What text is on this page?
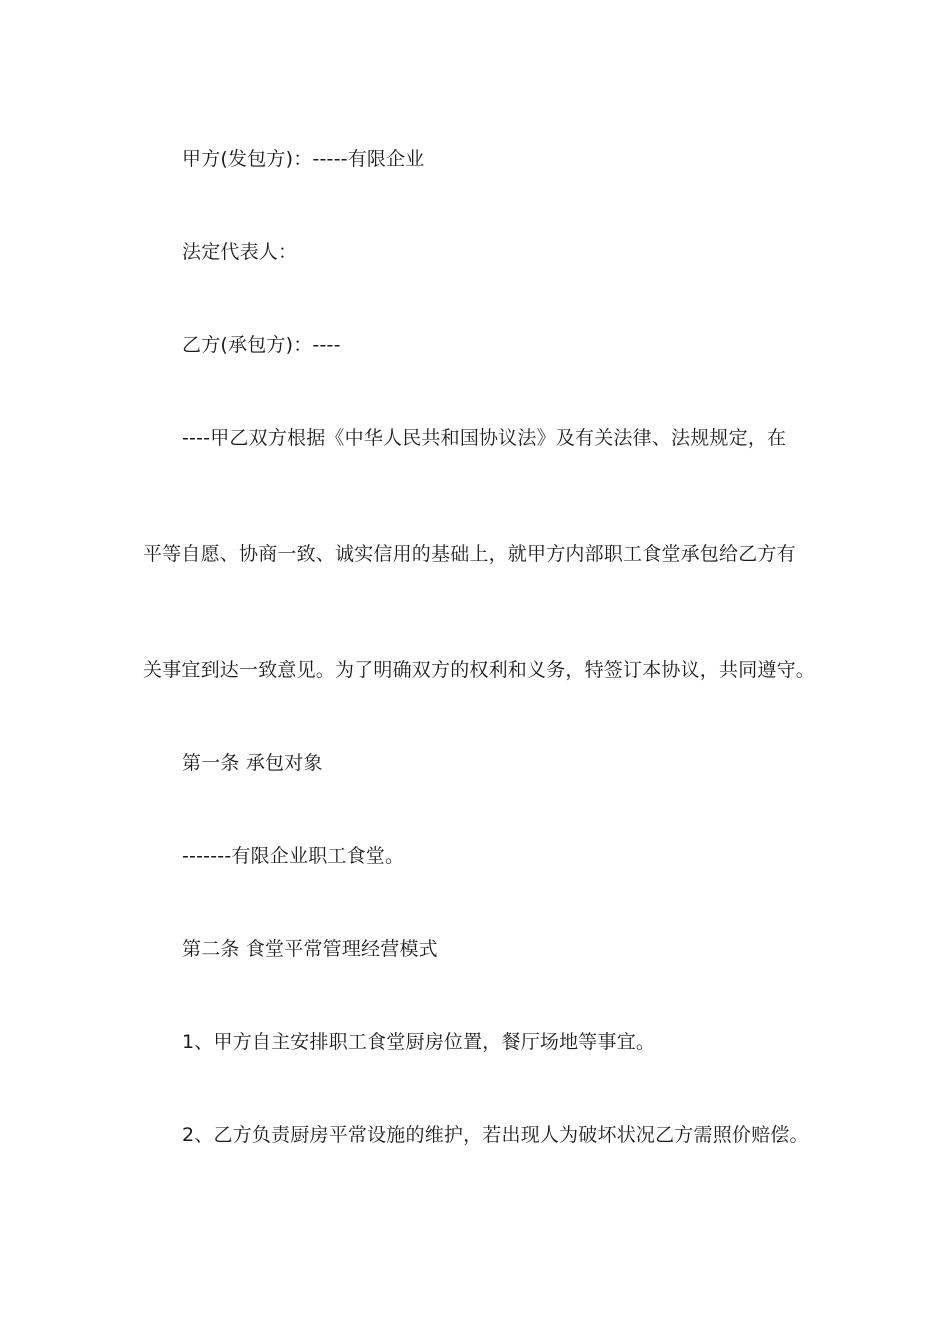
甲方(发包方)：-----有限企业
法定代表人：
乙方(承包方)：----
----甲乙双方根据《中华人民共和国协议法》及有关法律、法规规定，在
平等自愿、协商一致、诚实信用的基础上，就甲方内部职工食堂承包给乙方有
关事宜到达一致意见。为了明确双方的权利和义务，特签订本协议，共同遵守。
第一条 承包对象
-------有限企业职工食堂。
第二条 食堂平常管理经营模式
1、甲方自主安排职工食堂厨房位置，餐厅场地等事宜。
2、乙方负责厨房平常设施的维护，若出现人为破坏状况乙方需照价赔偿。
